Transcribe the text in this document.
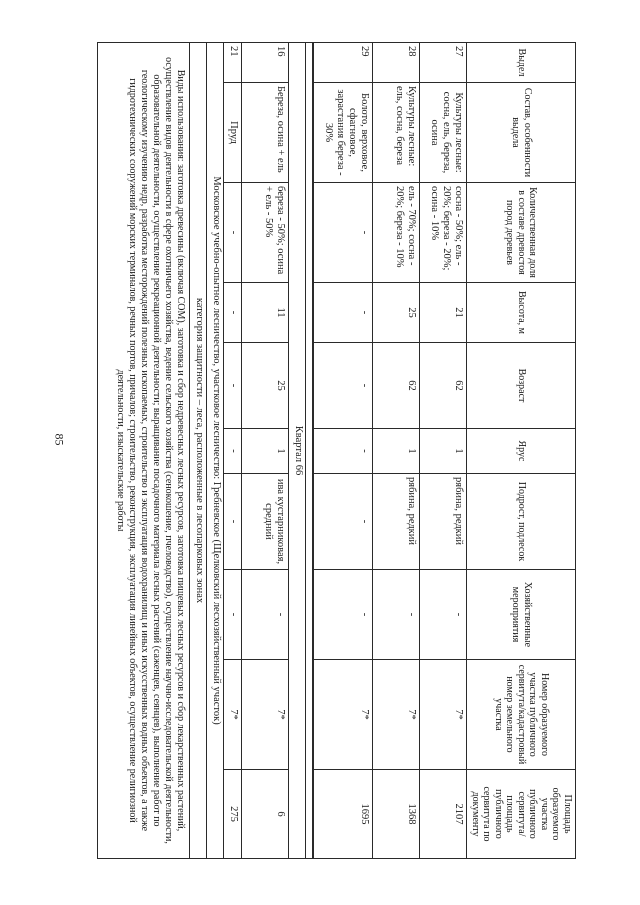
85
Выдел	Состав, особенности выдела	Количественная доля в составе древостоя пород деревьев	Высота, м	Возраст	Ярус	Подрост, подлесок	Хозяйственные мероприятия	Номер образуемого участка публичного сервитута/кадастровый номер земельного участка	Площадь образуемого участка публичного сервитута/площадь публичного сервитута по документу
27	Культуры лесные: сосна, ель, береза, осина	сосна - 50%; ель - 20%; береза - 20%; осина - 10%	21	62	1	рябина, редкий	-	7*	2107
28	Культуры лесные: ель, сосна, береза	ель - 70%; сосна - 20%; береза - 10%	25	62	1	рябина, редкий	-	7*	1368
29	Болото, верховое, сфагновое, зарастания береза - 30%	-	-	-	-	-	-	7*	1695

Квартал 66									
16	Береза, осина + ель	береза - 50%; осина + ель - 50%	11	25	1	ива кустарниковая, средний	-	7*	6
21	Пруд	-	-	-	-	-	-	7*	275
Московское учебно-опытное лесничество, участковое лесничество: Гребневское (Щелковский лесхозяйственный участок)									
категория защитности – леса, расположенные в лесопарковых зонах									
Виды использования: заготовка древесины (включая СОМ), заготовка и сбор недревесных лесных ресурсов, заготовка пищевых лесных ресурсов и сбор лекарственных растений, осуществление видов деятельности в сфере охотничьего хозяйства, ведение сельского хозяйства (сенокошение, пчеловодство), осуществление научно-исследовательской деятельности, образовательной деятельности, осуществление рекреационной деятельности; выращивание посадочного материала лесных растений (саженцев, сеянцев), выполнение работ по геологическому изучению недр, разработка месторождений полезных ископаемых, строительство и эксплуатация водохранилищ и иных искусственных водных объектов, а также гидротехнических сооружений морских терминалов, речных портов, причалов; строительство, реконструкция, эксплуатация линейных объектов, осуществление религиозной деятельности, изыскательские работы									
